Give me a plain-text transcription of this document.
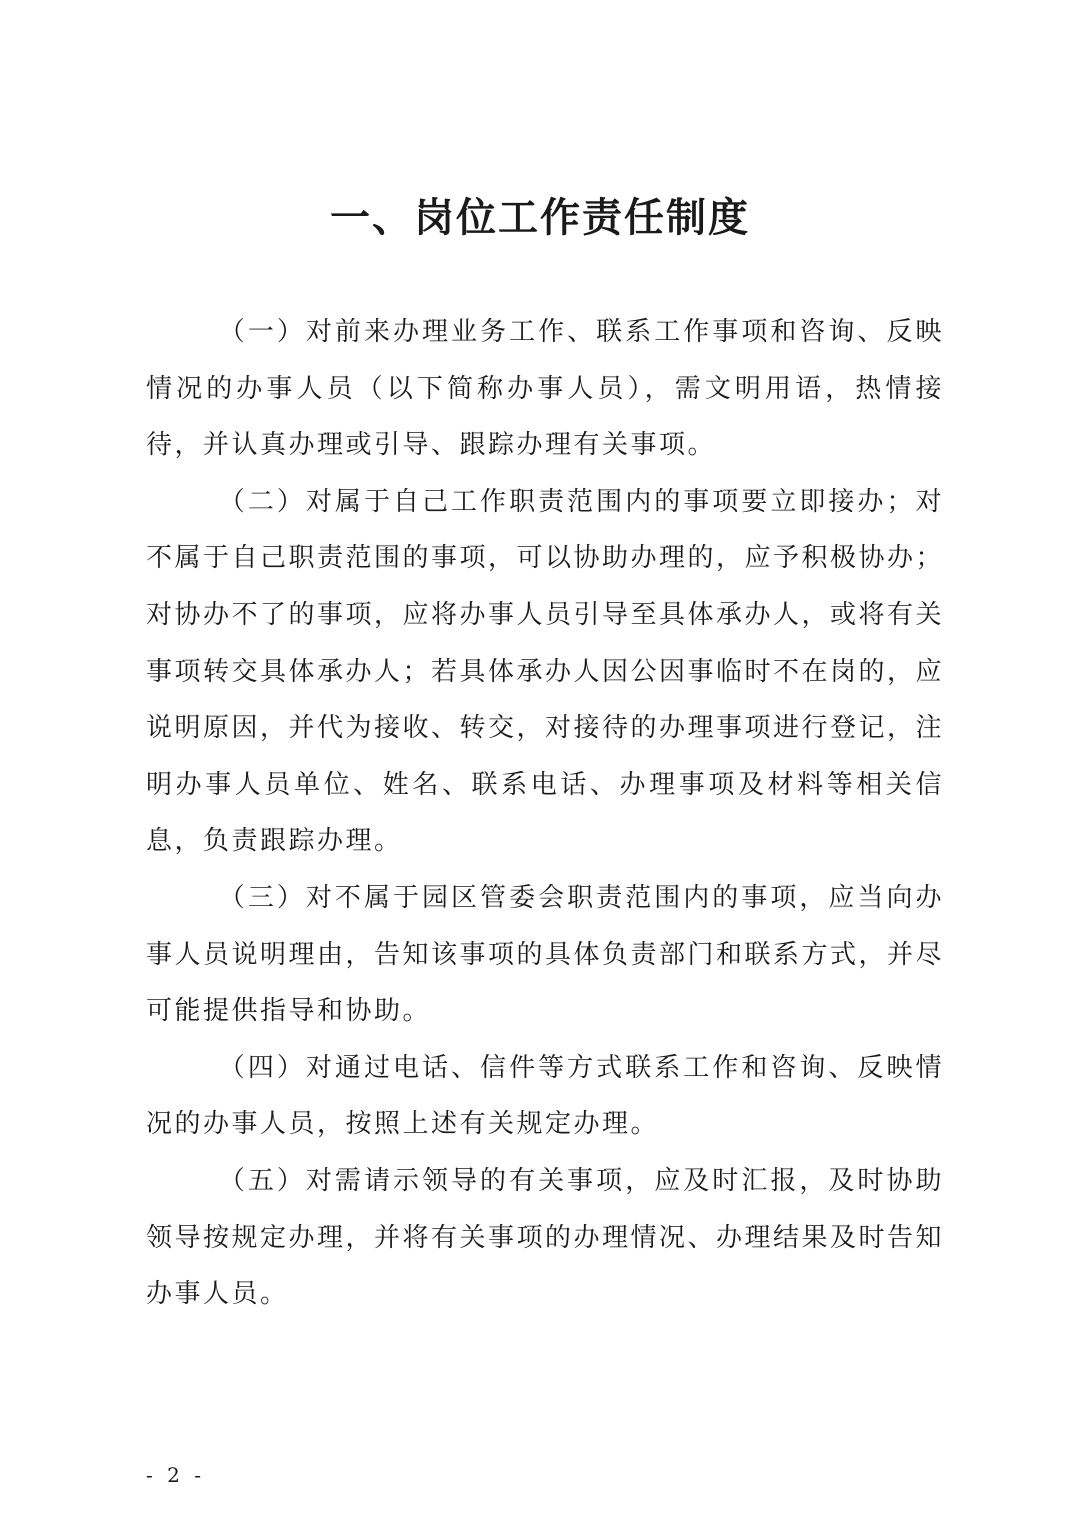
一、岗位工作责任制度

（一）对前来办理业务工作、联系工作事项和咨询、反映情况的办事人员（以下简称办事人员），需文明用语，热情接待，并认真办理或引导、跟踪办理有关事项。

（二）对属于自己工作职责范围内的事项要立即接办；对不属于自己职责范围的事项，可以协助办理的，应予积极协办；对协办不了的事项，应将办事人员引导至具体承办人，或将有关事项转交具体承办人；若具体承办人因公因事临时不在岗的，应说明原因，并代为接收、转交，对接待的办理事项进行登记，注明办事人员单位、姓名、联系电话、办理事项及材料等相关信息，负责跟踪办理。

（三）对不属于园区管委会职责范围内的事项，应当向办事人员说明理由，告知该事项的具体负责部门和联系方式，并尽可能提供指导和协助。

（四）对通过电话、信件等方式联系工作和咨询、反映情况的办事人员，按照上述有关规定办理。

（五）对需请示领导的有关事项，应及时汇报，及时协助领导按规定办理，并将有关事项的办理情况、办理结果及时告知办事人员。

- 2 -
